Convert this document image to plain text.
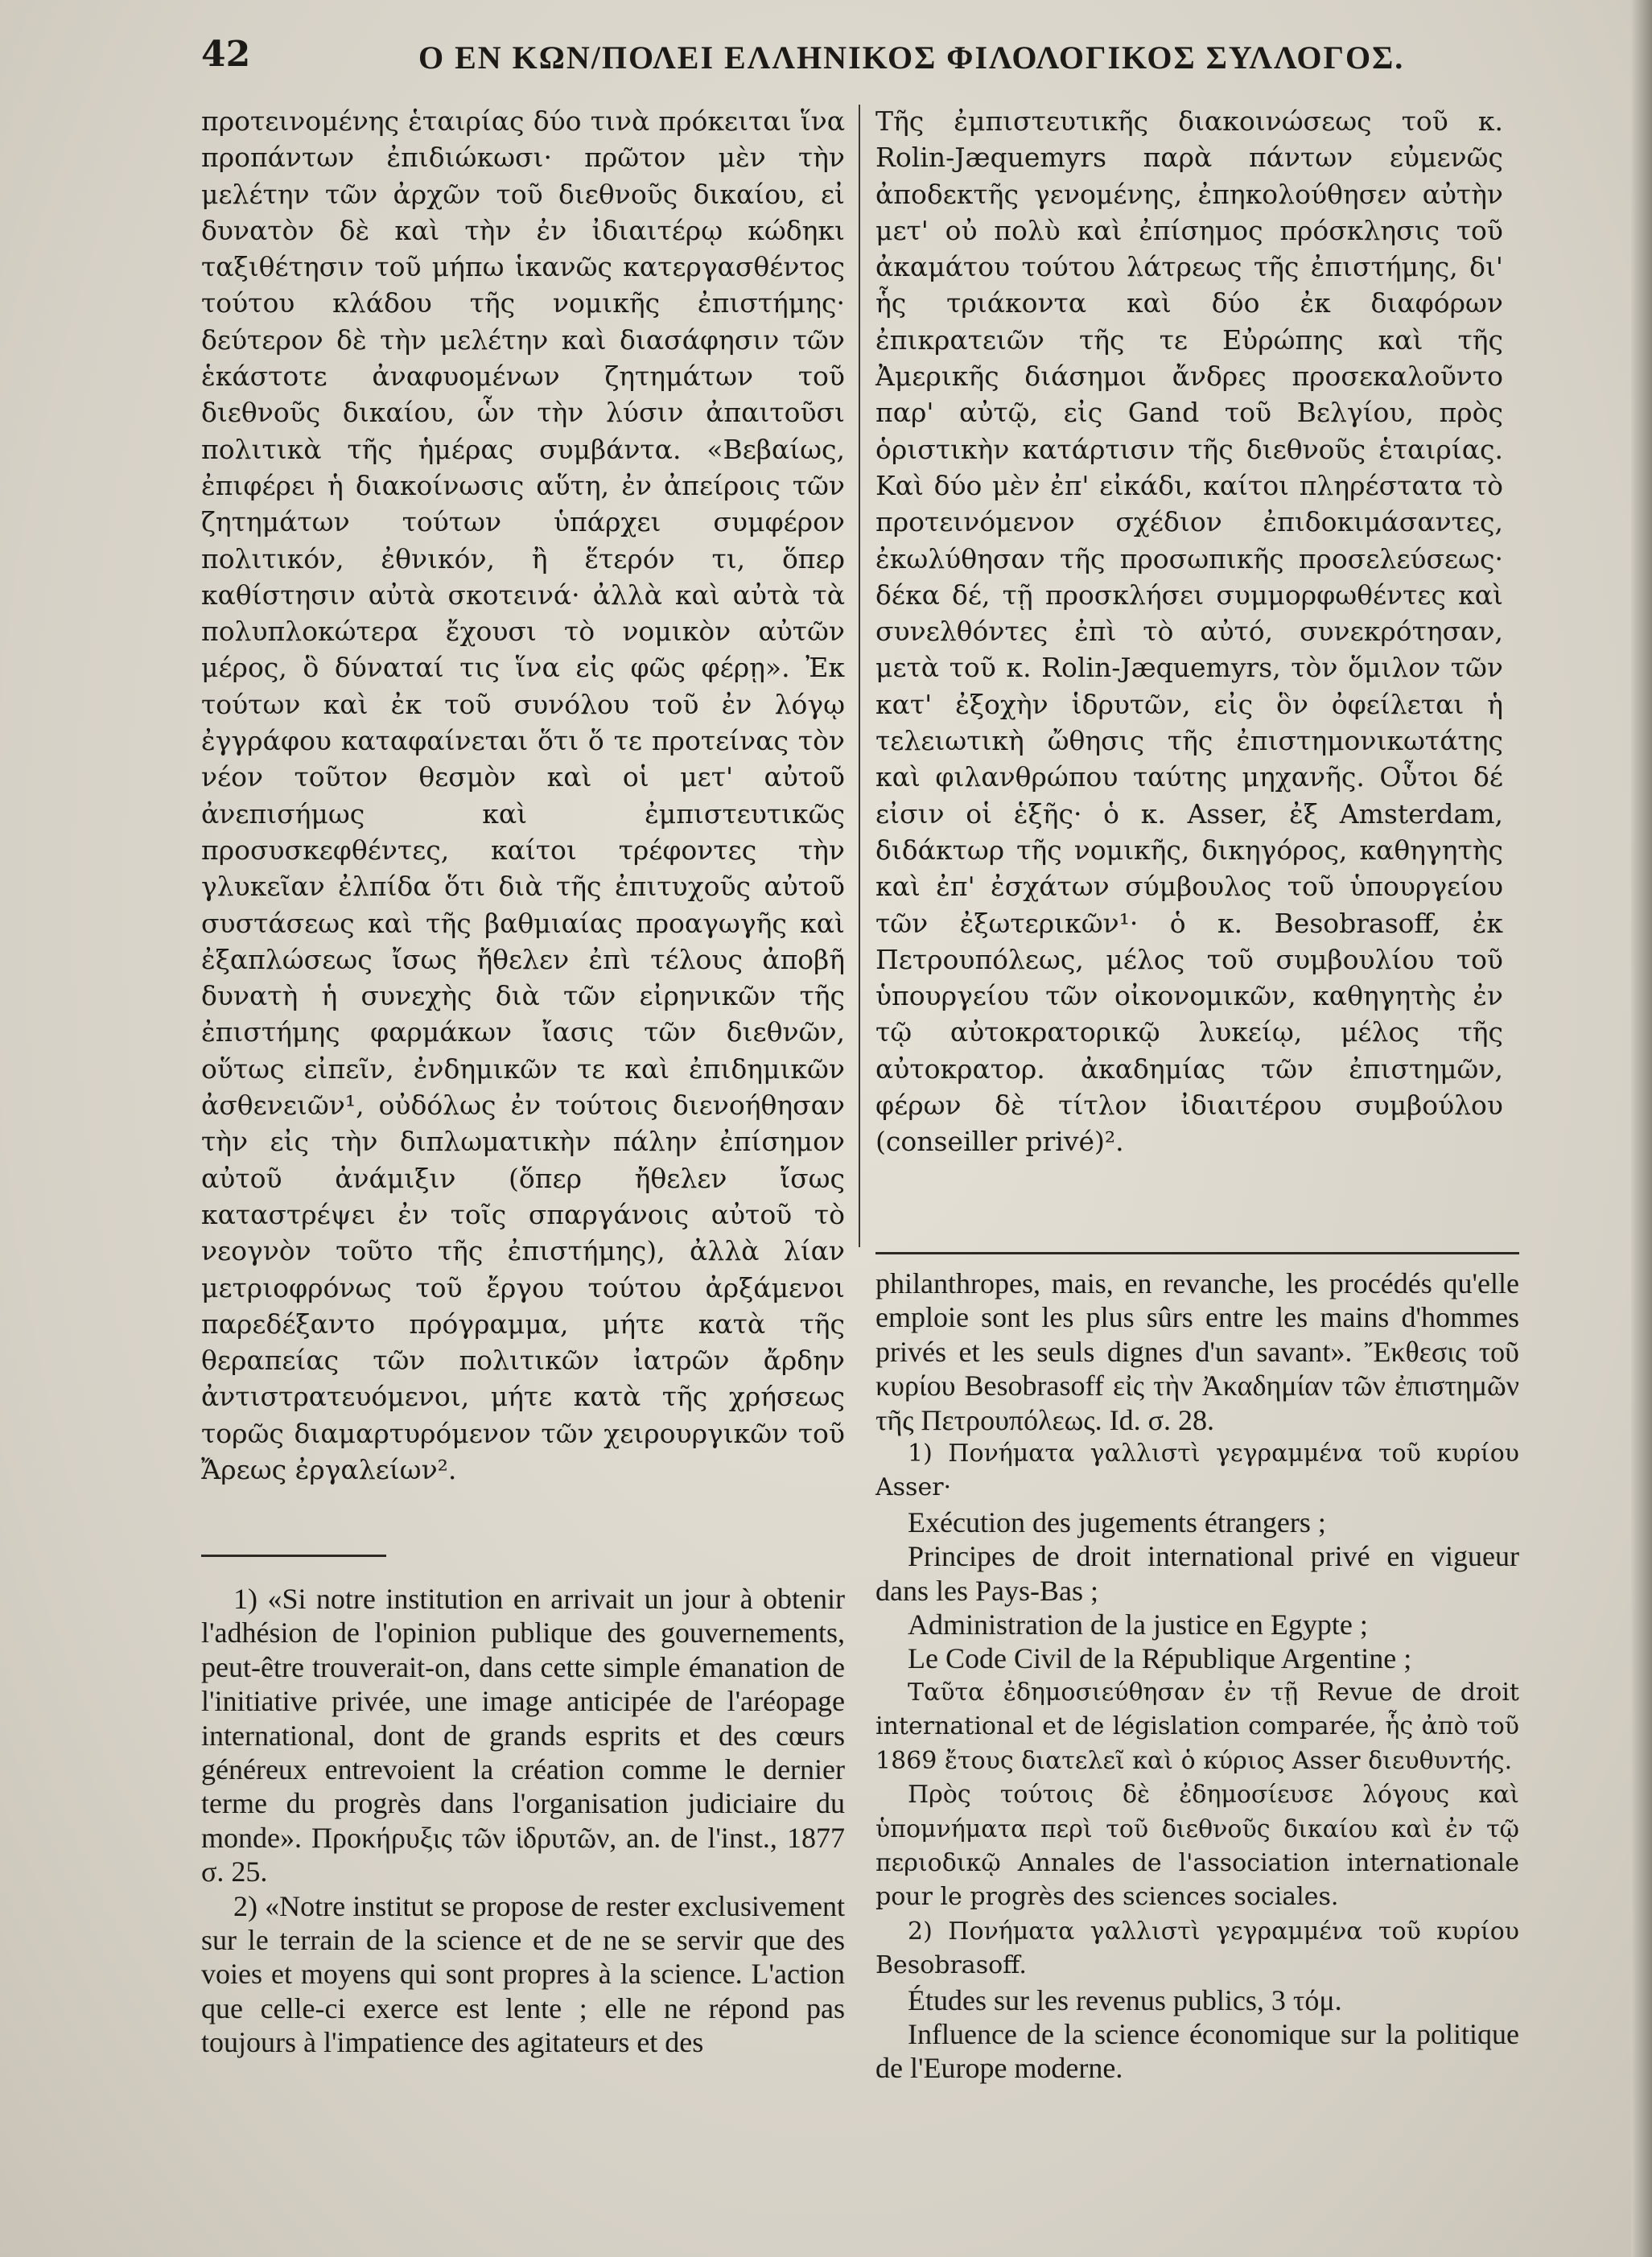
42	Ο ΕΝ ΚΩΝ/ΠΟΛΕΙ ΕΛΛΗΝΙΚΟΣ ΦΙΛΟΛΟΓΙΚΟΣ ΣΥΛΛΟΓΟΣ.

προτεινομένης ἑταιρίας δύο τινὰ πρόκειται ἵνα προπάντων ἐπιδιώκωσι· πρῶτον μὲν τὴν μελέτην τῶν ἀρχῶν τοῦ διεθνοῦς δικαίου, εἰ δυνατὸν δὲ καὶ τὴν ἐν ἰδιαιτέρῳ κώδηκι ταξιθέτησιν τοῦ μήπω ἱκανῶς κατεργασθέντος τούτου κλάδου τῆς νομικῆς ἐπιστήμης· δεύτερον δὲ τὴν μελέτην καὶ διασάφησιν τῶν ἑκάστοτε ἀναφυομένων ζητημάτων τοῦ διεθνοῦς δικαίου, ὧν τὴν λύσιν ἀπαιτοῦσι πολιτικὰ τῆς ἡμέρας συμβάντα. «Βεβαίως, ἐπιφέρει ἡ διακοίνωσις αὕτη, ἐν ἀπείροις τῶν ζητημάτων τούτων ὑπάρχει συμφέρον πολιτικόν, ἐθνικόν, ἢ ἕτερόν τι, ὅπερ καθίστησιν αὐτὰ σκοτεινά· ἀλλὰ καὶ αὐτὰ τὰ πολυπλοκώτερα ἔχουσι τὸ νομικὸν αὐτῶν μέρος, ὃ δύναταί τις ἵνα εἰς φῶς φέρῃ». Ἐκ τούτων καὶ ἐκ τοῦ συνόλου τοῦ ἐν λόγῳ ἐγγράφου καταφαίνεται ὅτι ὅ τε προτείνας τὸν νέον τοῦτον θεσμὸν καὶ οἱ μετ' αὐτοῦ ἀνεπισήμως καὶ ἐμπιστευτικῶς προσυσκεφθέντες, καίτοι τρέφοντες τὴν γλυκεῖαν ἐλπίδα ὅτι διὰ τῆς ἐπιτυχοῦς αὐτοῦ συστάσεως καὶ τῆς βαθμιαίας προαγωγῆς καὶ ἐξαπλώσεως ἴσως ἤθελεν ἐπὶ τέλους ἀποβῆ δυνατὴ ἡ συνεχὴς διὰ τῶν εἰρηνικῶν τῆς ἐπιστήμης φαρμάκων ἴασις τῶν διεθνῶν, οὕτως εἰπεῖν, ἐνδημικῶν τε καὶ ἐπιδημικῶν ἀσθενειῶν¹, οὐδόλως ἐν τούτοις διενοήθησαν τὴν εἰς τὴν διπλωματικὴν πάλην ἐπίσημον αὐτοῦ ἀνάμιξιν (ὅπερ ἤθελεν ἴσως καταστρέψει ἐν τοῖς σπαργάνοις αὐτοῦ τὸ νεογνὸν τοῦτο τῆς ἐπιστήμης), ἀλλὰ λίαν μετριοφρόνως τοῦ ἔργου τούτου ἀρξάμενοι παρεδέξαντο πρόγραμμα, μήτε κατὰ τῆς θεραπείας τῶν πολιτικῶν ἰατρῶν ἄρδην ἀντιστρατευόμενοι, μήτε κατὰ τῆς χρήσεως τορῶς διαμαρτυρόμενον τῶν χειρουργικῶν τοῦ Ἄρεως ἐργαλείων².

Τῆς ἐμπιστευτικῆς διακοινώσεως τοῦ κ. Rolin-Jæquemyrs παρὰ πάντων εὐμενῶς ἀποδεκτῆς γενομένης, ἐπηκολούθησεν αὐτὴν μετ' οὐ πολὺ καὶ ἐπίσημος πρόσκλησις τοῦ ἀκαμάτου τούτου λάτρεως τῆς ἐπιστήμης, δι' ἧς τριάκοντα καὶ δύο ἐκ διαφόρων ἐπικρατειῶν τῆς τε Εὐρώπης καὶ τῆς Ἀμερικῆς διάσημοι ἄνδρες προσεκαλοῦντο παρ' αὐτῷ, εἰς Gand τοῦ Βελγίου, πρὸς ὁριστικὴν κατάρτισιν τῆς διεθνοῦς ἑταιρίας. Καὶ δύο μὲν ἐπ' εἰκάδι, καίτοι πληρέστατα τὸ προτεινόμενον σχέδιον ἐπιδοκιμάσαντες, ἐκωλύθησαν τῆς προσωπικῆς προσελεύσεως· δέκα δέ, τῇ προσκλήσει συμμορφωθέντες καὶ συνελθόντες ἐπὶ τὸ αὐτό, συνεκρότησαν, μετὰ τοῦ κ. Rolin-Jæquemyrs, τὸν ὅμιλον τῶν κατ' ἐξοχὴν ἱδρυτῶν, εἰς ὃν ὀφείλεται ἡ τελειωτικὴ ὤθησις τῆς ἐπιστημονικωτάτης καὶ φιλανθρώπου ταύτης μηχανῆς. Οὗτοι δέ εἰσιν οἱ ἑξῆς· ὁ κ. Asser, ἐξ Amsterdam, διδάκτωρ τῆς νομικῆς, δικηγόρος, καθηγητὴς καὶ ἐπ' ἐσχάτων σύμβουλος τοῦ ὑπουργείου τῶν ἐξωτερικῶν¹· ὁ κ. Besobrasoff, ἐκ Πετρουπόλεως, μέλος τοῦ συμβουλίου τοῦ ὑπουργείου τῶν οἰκονομικῶν, καθηγητὴς ἐν τῷ αὐτοκρατορικῷ λυκείῳ, μέλος τῆς αὐτοκρατορ. ἀκαδημίας τῶν ἐπιστημῶν, φέρων δὲ τίτλον ἰδιαιτέρου συμβούλου (conseiller privé)².

1) «Si notre institution en arrivait un jour à obtenir l'adhésion de l'opinion publique des gouvernements, peut-être trouverait-on, dans cette simple émanation de l'initiative privée, une image anticipée de l'aréopage international, dont de grands esprits et des cœurs généreux entrevoient la création comme le dernier terme du progrès dans l'organisation judiciaire du monde». Προκήρυξις τῶν ἱδρυτῶν, an. de l'inst., 1877 σ. 25.

2) «Notre institut se propose de rester exclusivement sur le terrain de la science et de ne se servir que des voies et moyens qui sont propres à la science. L'action que celle-ci exerce est lente ; elle ne répond pas toujours à l'impatience des agitateurs et des

philanthropes, mais, en revanche, les procédés qu'elle emploie sont les plus sûrs entre les mains d'hommes privés et les seuls dignes d'un savant». Ἔκθεσις τοῦ κυρίου Besobrasoff εἰς τὴν Ἀκαδημίαν τῶν ἐπιστημῶν τῆς Πετρουπόλεως. Id. σ. 28.

1) Πονήματα γαλλιστὶ γεγραμμένα τοῦ κυρίου Asser·

Exécution des jugements étrangers ;

Principes de droit international privé en vigueur dans les Pays-Bas ;

Administration de la justice en Egypte ;

Le Code Civil de la République Argentine ;

Ταῦτα ἐδημοσιεύθησαν ἐν τῇ Revue de droit international et de législation comparée, ἧς ἀπὸ τοῦ 1869 ἔτους διατελεῖ καὶ ὁ κύριος Asser διευθυντής.

Πρὸς τούτοις δὲ ἐδημοσίευσε λόγους καὶ ὑπομνήματα περὶ τοῦ διεθνοῦς δικαίου καὶ ἐν τῷ περιοδικῷ Annales de l'association internationale pour le progrès des sciences sociales.

2) Πονήματα γαλλιστὶ γεγραμμένα τοῦ κυρίου Besobrasoff.

Études sur les revenus publics, 3 τόμ.

Influence de la science économique sur la politique de l'Europe moderne.
